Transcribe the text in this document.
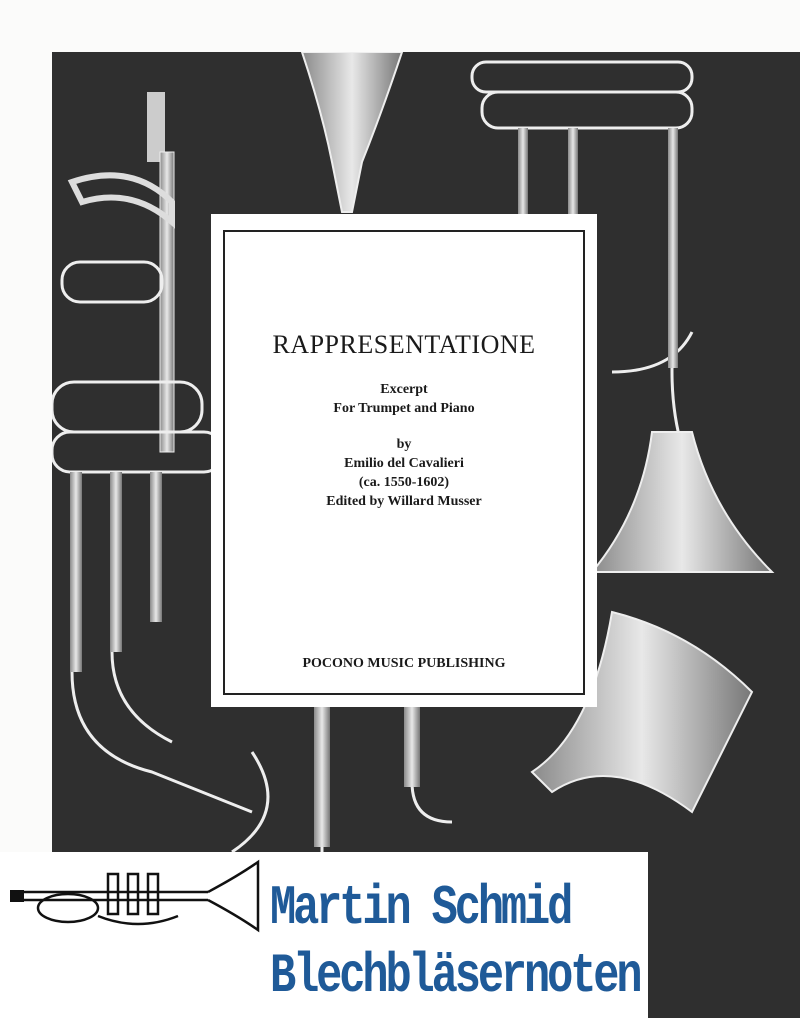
RAPPRESENTATIONE
Excerpt
For Trumpet and Piano
by
Emilio del Cavalieri
(ca. 1550-1602)
Edited by Willard Musser
POCONO MUSIC PUBLISHING
Martin Schmid
Blechbläsernoten
